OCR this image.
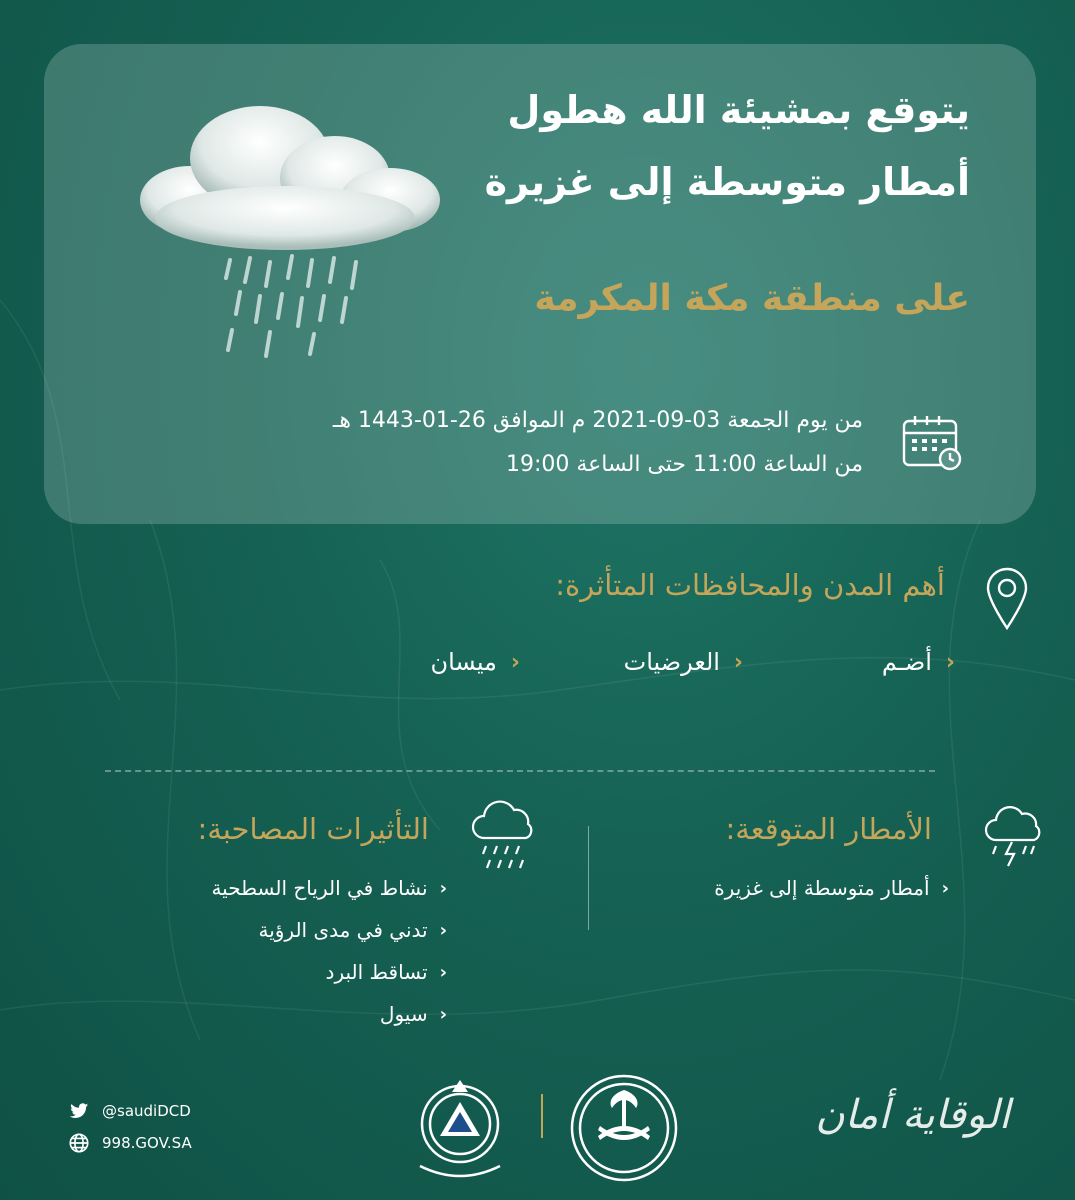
يتوقع بمشيئة الله هطول
أمطار متوسطة إلى غزيرة
على منطقة مكة المكرمة
من يوم الجمعة 03-09-2021 م الموافق 26-01-1443 هـ
من الساعة 11:00 حتى الساعة 19:00
أهم المدن والمحافظات المتأثرة:
‹
أضـم
‹
العرضيات
‹
ميسان
الأمطار المتوقعة:
‹
أمطار متوسطة إلى غزيرة
التأثيرات المصاحبة:
‹
نشاط في الرياح السطحية
‹
تدني في مدى الرؤية
‹
تساقط البرد
‹
سيول
@saudiDCD
998.GOV.SA
الوقاية أمان
